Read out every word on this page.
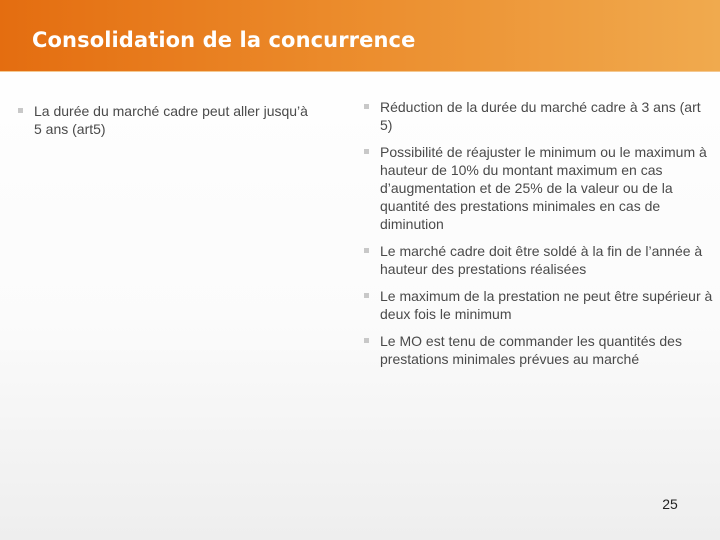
Consolidation de la concurrence
La durée du marché cadre peut aller jusqu’à 5 ans (art5)
Réduction de la durée du marché cadre à 3 ans (art 5)
Possibilité de réajuster le minimum ou le maximum à hauteur de 10% du montant maximum en cas d’augmentation et de 25% de la valeur ou de la quantité des prestations minimales en cas de diminution
Le marché cadre doit être soldé à la fin de l’année à hauteur des prestations réalisées
Le maximum de la prestation ne peut être supérieur à deux fois le minimum
Le MO est tenu de commander les quantités des prestations minimales prévues au marché
25
